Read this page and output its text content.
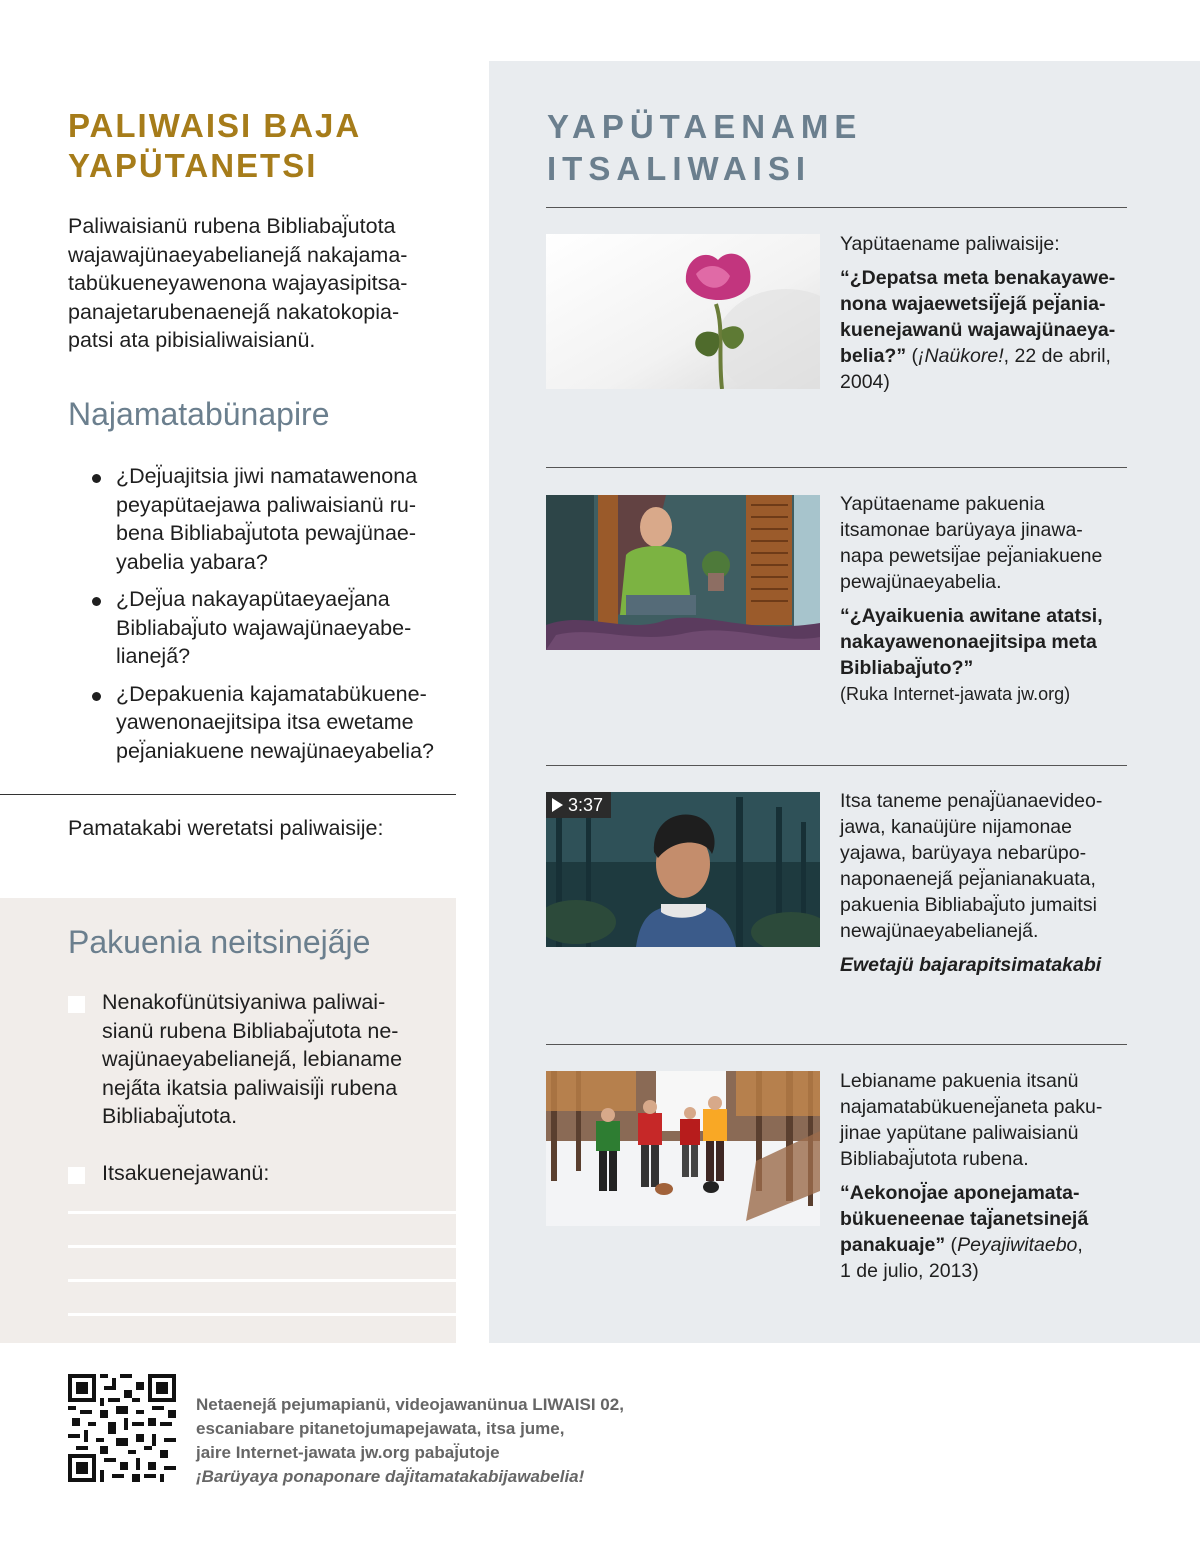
PALIWAISI BAJA
YAPÜTANETSI

Paliwaisianü rubena Bibliabaj̈utota
wajawajünaeyabelianeja̋ nakajama-
tabükueneyawenona wajayasipitsa-
panajetarubenaeneja̋ nakatokopia-
patsi ata pibisialiwaisianü.

Najamatabünapire
¿Dej̈uajitsia jiwi namatawenona
peyapütaejawa paliwaisianü ru-
bena Bibliabaj̈utota pewajünae-
yabelia yabara?
¿Dej̈ua nakayapütaeyaej̈ana
Bibliabaj̈uto wajawajünaeyabe-
lianeja̋?
¿Depakuenia kajamatabükuene-
yawenonaejitsipa itsa ewetame
pej̈aniakuene newajünaeyabelia?
Pamatakabi weretatsi paliwaisije:
Pakuenia neitsineja̋je
Nenakofünütsiyaniwa paliwai-
sianü rubena Bibliabaj̈utota ne-
wajünaeyabelianeja̋, lebianame
neja̋ta ikatsia paliwaisij̈i rubena
Bibliabaj̈utota.
Itsakuenejawanü:
YAPÜTAENAME
ITSALIWAISI

Yapütaename paliwaisije:

“¿Depatsa meta benakayawe-
nona wajaewetsij̈eja̋ pej̈ania-
kuenejawanü wajawajünaeya-
belia?” (¡Naükore!, 22 de abril,
2004)

Yapütaename pakuenia
itsamonae barüyaya jinawa-
napa pewetsij̈ae pej̈aniakuene
pewajünaeyabelia.

“¿Ayaikuenia awitane atatsi,
nakayawenonaejitsipa meta
Bibliabaj̈uto?”

(Ruka Internet-jawata jw.org)

3:37	Itsa taneme penaj̈üanaevideo-
jawa, kanaüjüre nijamonae
yajawa, barüyaya nebarüpo-
naponaeneja̋ pej̈anianakuata,
pakuenia Bibliabaj̈uto jumaitsi
newajünaeyabelianeja̋.

Ewetajü bajarapitsimatakabi

Lebianame pakuenia itsanü
najamatabükuenej̈aneta paku-
jinae yapütane paliwaisianü
Bibliabaj̈utota rubena.

“Aekonoj̈ae aponejamata-
bükueneenae taj̈anetsineja̋
panakuaje” (Peyajiwitaebo,
1 de julio, 2013)

Netaeneja̋ pejumapianü, videojawanünua LIWAISI 02,

escaniabare pitanetojumapejawata, itsa jume,

jaire Internet-jawata jw.org pabaj̈utoje

¡Barüyaya ponaponare daj̈itamatakabijawabelia!
